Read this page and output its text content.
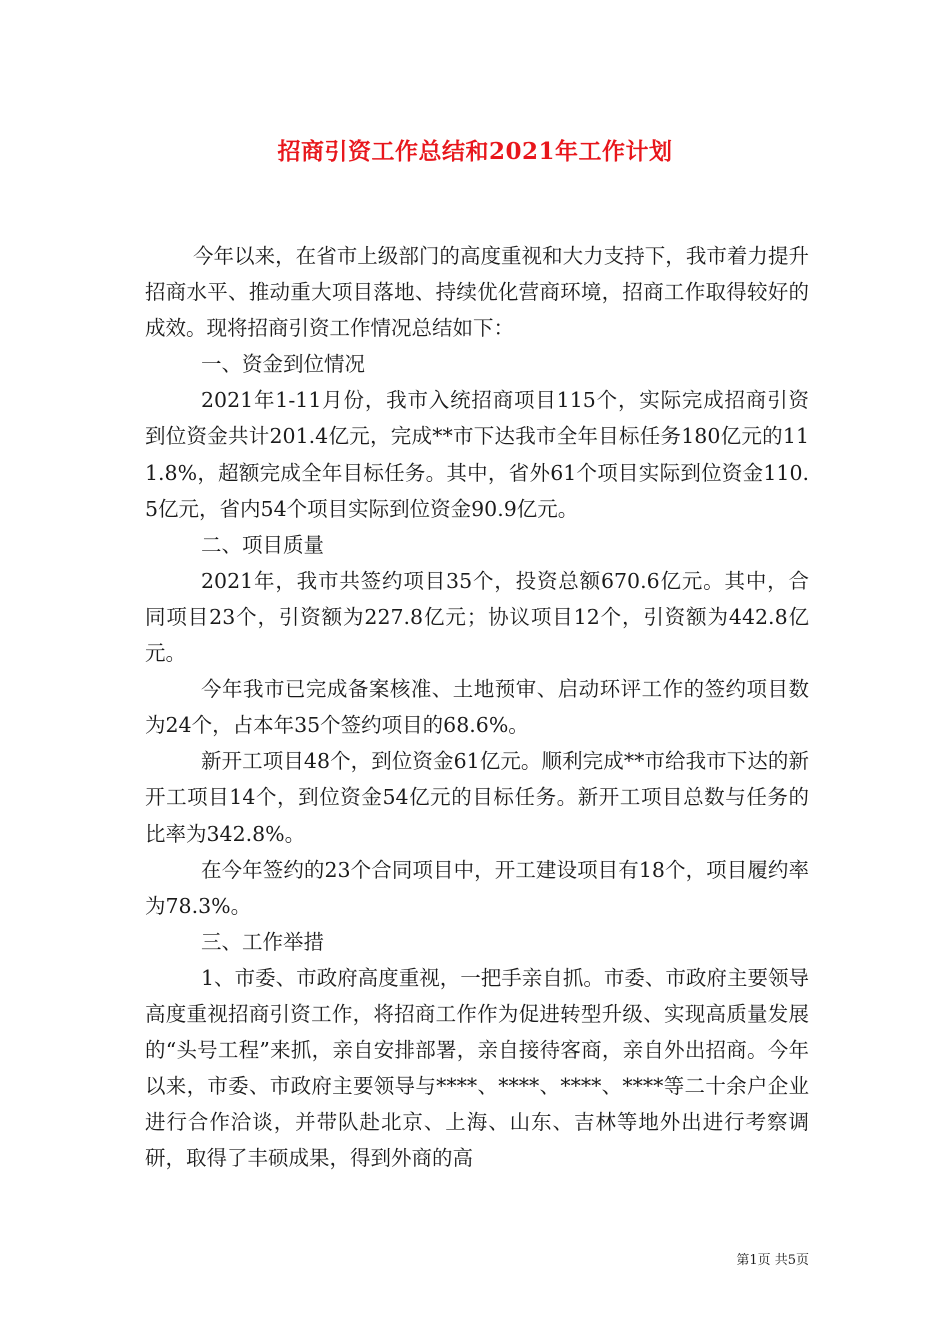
招商引资工作总结和2021年工作计划

今年以来，在省市上级部门的高度重视和大力支持下，我市着力提升招商水平、推动重大项目落地、持续优化营商环境，招商工作取得较好的成效。现将招商引资工作情况总结如下：

一、资金到位情况

2021年1-11月份，我市入统招商项目115个，实际完成招商引资到位资金共计201.4亿元，完成**市下达我市全年目标任务180亿元的111.8%，超额完成全年目标任务。其中，省外61个项目实际到位资金110.5亿元，省内54个项目实际到位资金90.9亿元。

二、项目质量

2021年，我市共签约项目35个，投资总额670.6亿元。其中，合同项目23个，引资额为227.8亿元；协议项目12个，引资额为442.8亿元。

今年我市已完成备案核准、土地预审、启动环评工作的签约项目数为24个，占本年35个签约项目的68.6%。

新开工项目48个，到位资金61亿元。顺利完成**市给我市下达的新开工项目14个，到位资金54亿元的目标任务。新开工项目总数与任务的比率为342.8%。

在今年签约的23个合同项目中，开工建设项目有18个，项目履约率为78.3%。

三、工作举措

1、市委、市政府高度重视，一把手亲自抓。市委、市政府主要领导高度重视招商引资工作，将招商工作作为促进转型升级、实现高质量发展的“头号工程”来抓，亲自安排部署，亲自接待客商，亲自外出招商。今年以来，市委、市政府主要领导与****、****、****、****等二十余户企业进行合作洽谈，并带队赴北京、上海、山东、吉林等地外出进行考察调研，取得了丰硕成果，得到外商的高

第1页 共5页
